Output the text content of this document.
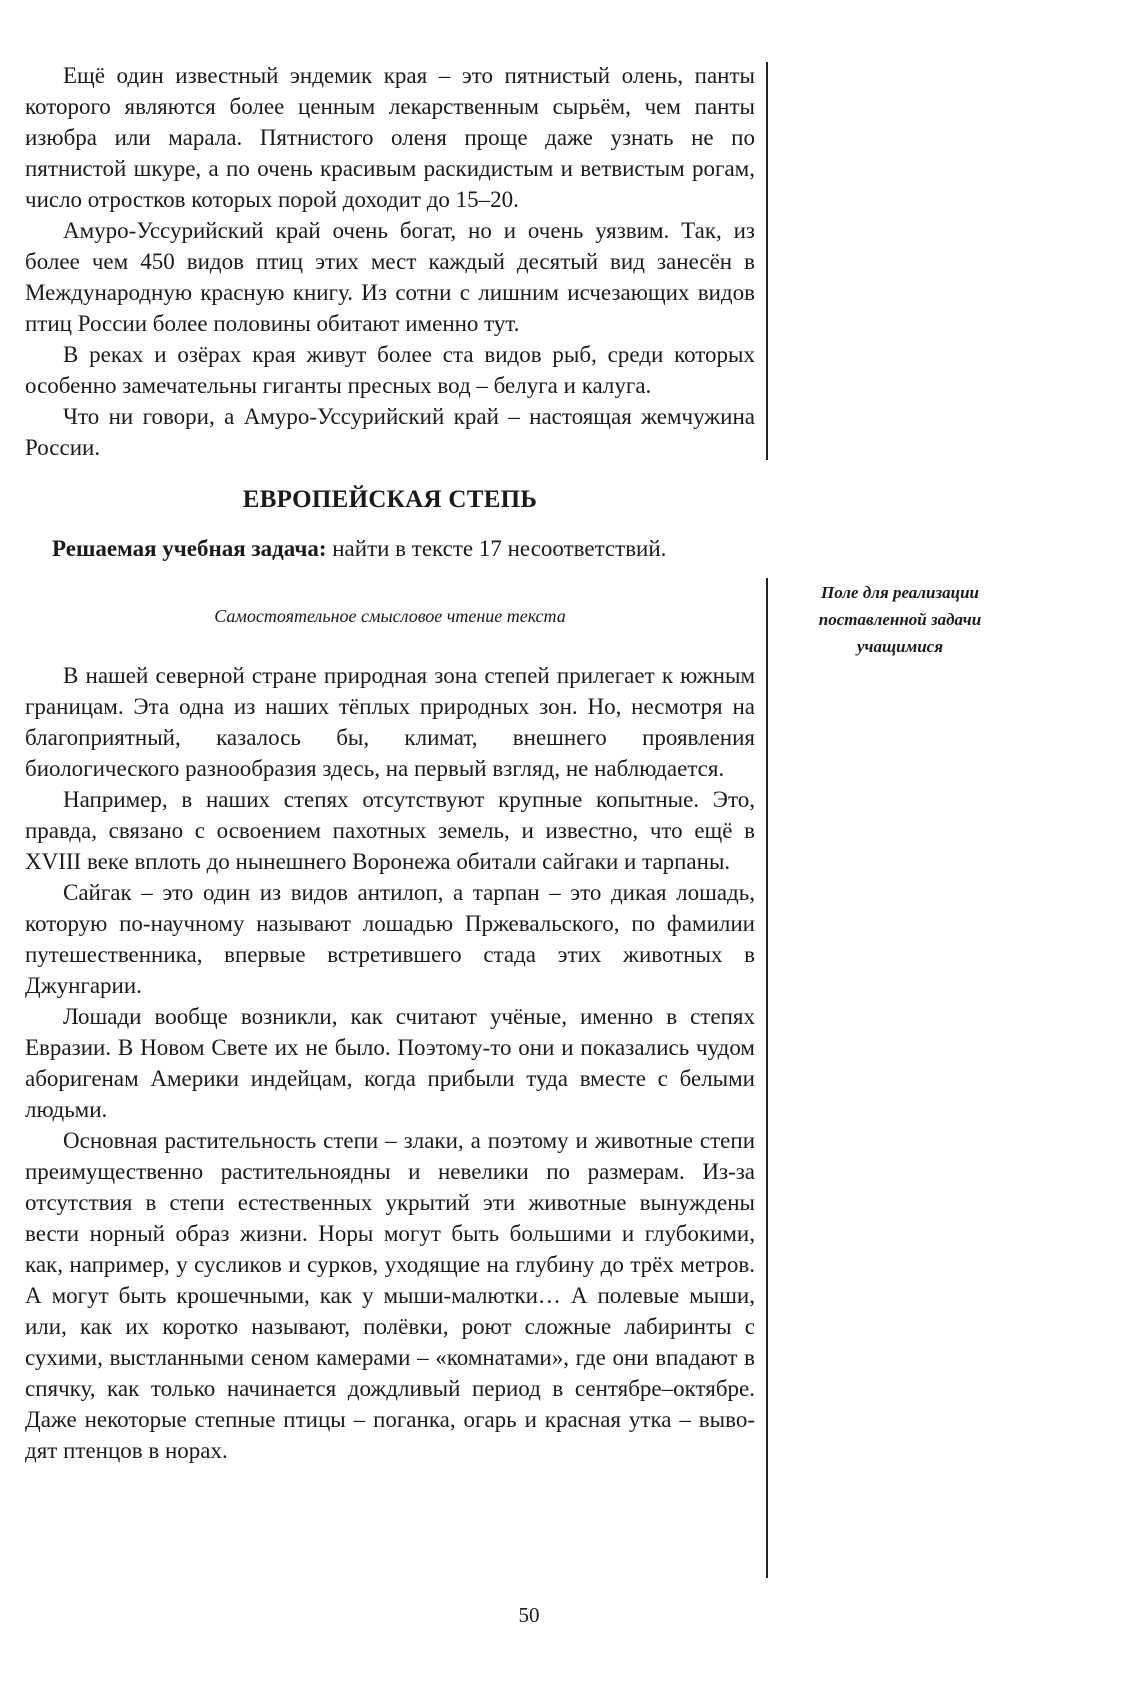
Ещё один известный эндемик края – это пятнистый олень, панты которого являются более ценным лекарственным сырьём, чем панты изюбра или марала. Пятнистого оленя проще даже узнать не по пятнистой шкуре, а по очень красивым раскидистым и ветвистым рогам, число отростков которых порой доходит до 15–20.

Амуро-Уссурийский край очень богат, но и очень уязвим. Так, из более чем 450 видов птиц этих мест каждый десятый вид занесён в Международную красную книгу. Из сотни с лишним исчезающих видов птиц России более половины обитают именно тут.

В реках и озёрах края живут более ста видов рыб, среди которых особенно замечательны гиганты пресных вод – белуга и калуга.

Что ни говори, а Амуро-Уссурийский край – настоящая жемчужина России.

ЕВРОПЕЙСКАЯ СТЕПЬ
Решаемая учебная задача: найти в тексте 17 несоответствий.
Самостоятельное смысловое чтение текста
Поле для реализации
поставленной задачи
учащимися

В нашей северной стране природная зона степей прилегает к южным границам. Эта одна из наших тёплых природных зон. Но, несмотря на благоприятный, казалось бы, климат, внешнего проявления биологического разнообразия здесь, на первый взгляд, не наблюдается.

Например, в наших степях отсутствуют крупные копытные. Это, правда, связано с освоением пахотных земель, и известно, что ещё в XVIII веке вплоть до нынешнего Воронежа обитали сайгаки и тарпаны.

Сайгак – это один из видов антилоп, а тарпан – это дикая лошадь, которую по-научному называют лошадью Пржевальского, по фамилии путешественника, впервые встретившего стада этих животных в Джунгарии.

Лошади вообще возникли, как считают учёные, именно в степях Евразии. В Новом Свете их не было. Поэтому-то они и показались чудом аборигенам Америки индейцам, когда прибыли туда вместе с белыми людьми.

Основная растительность степи – злаки, а поэтому и животные степи преимущественно растительноядны и невелики по размерам. Из-за отсутствия в степи естественных укрытий эти животные вынуждены вести норный образ жизни. Норы могут быть большими и глубокими, как, например, у сусликов и сурков, уходящие на глубину до трёх метров. А могут быть крошечными, как у мыши-малютки… А полевые мыши, или, как их коротко называют, полёвки, роют сложные лабиринты с сухими, выстланными сеном камерами – «комнатами», где они впадают в спячку, как только начинается дождливый период в сентябре–октябре. Даже некоторые степные птицы – поганка, огарь и красная утка – выводят птенцов в норах.

50
